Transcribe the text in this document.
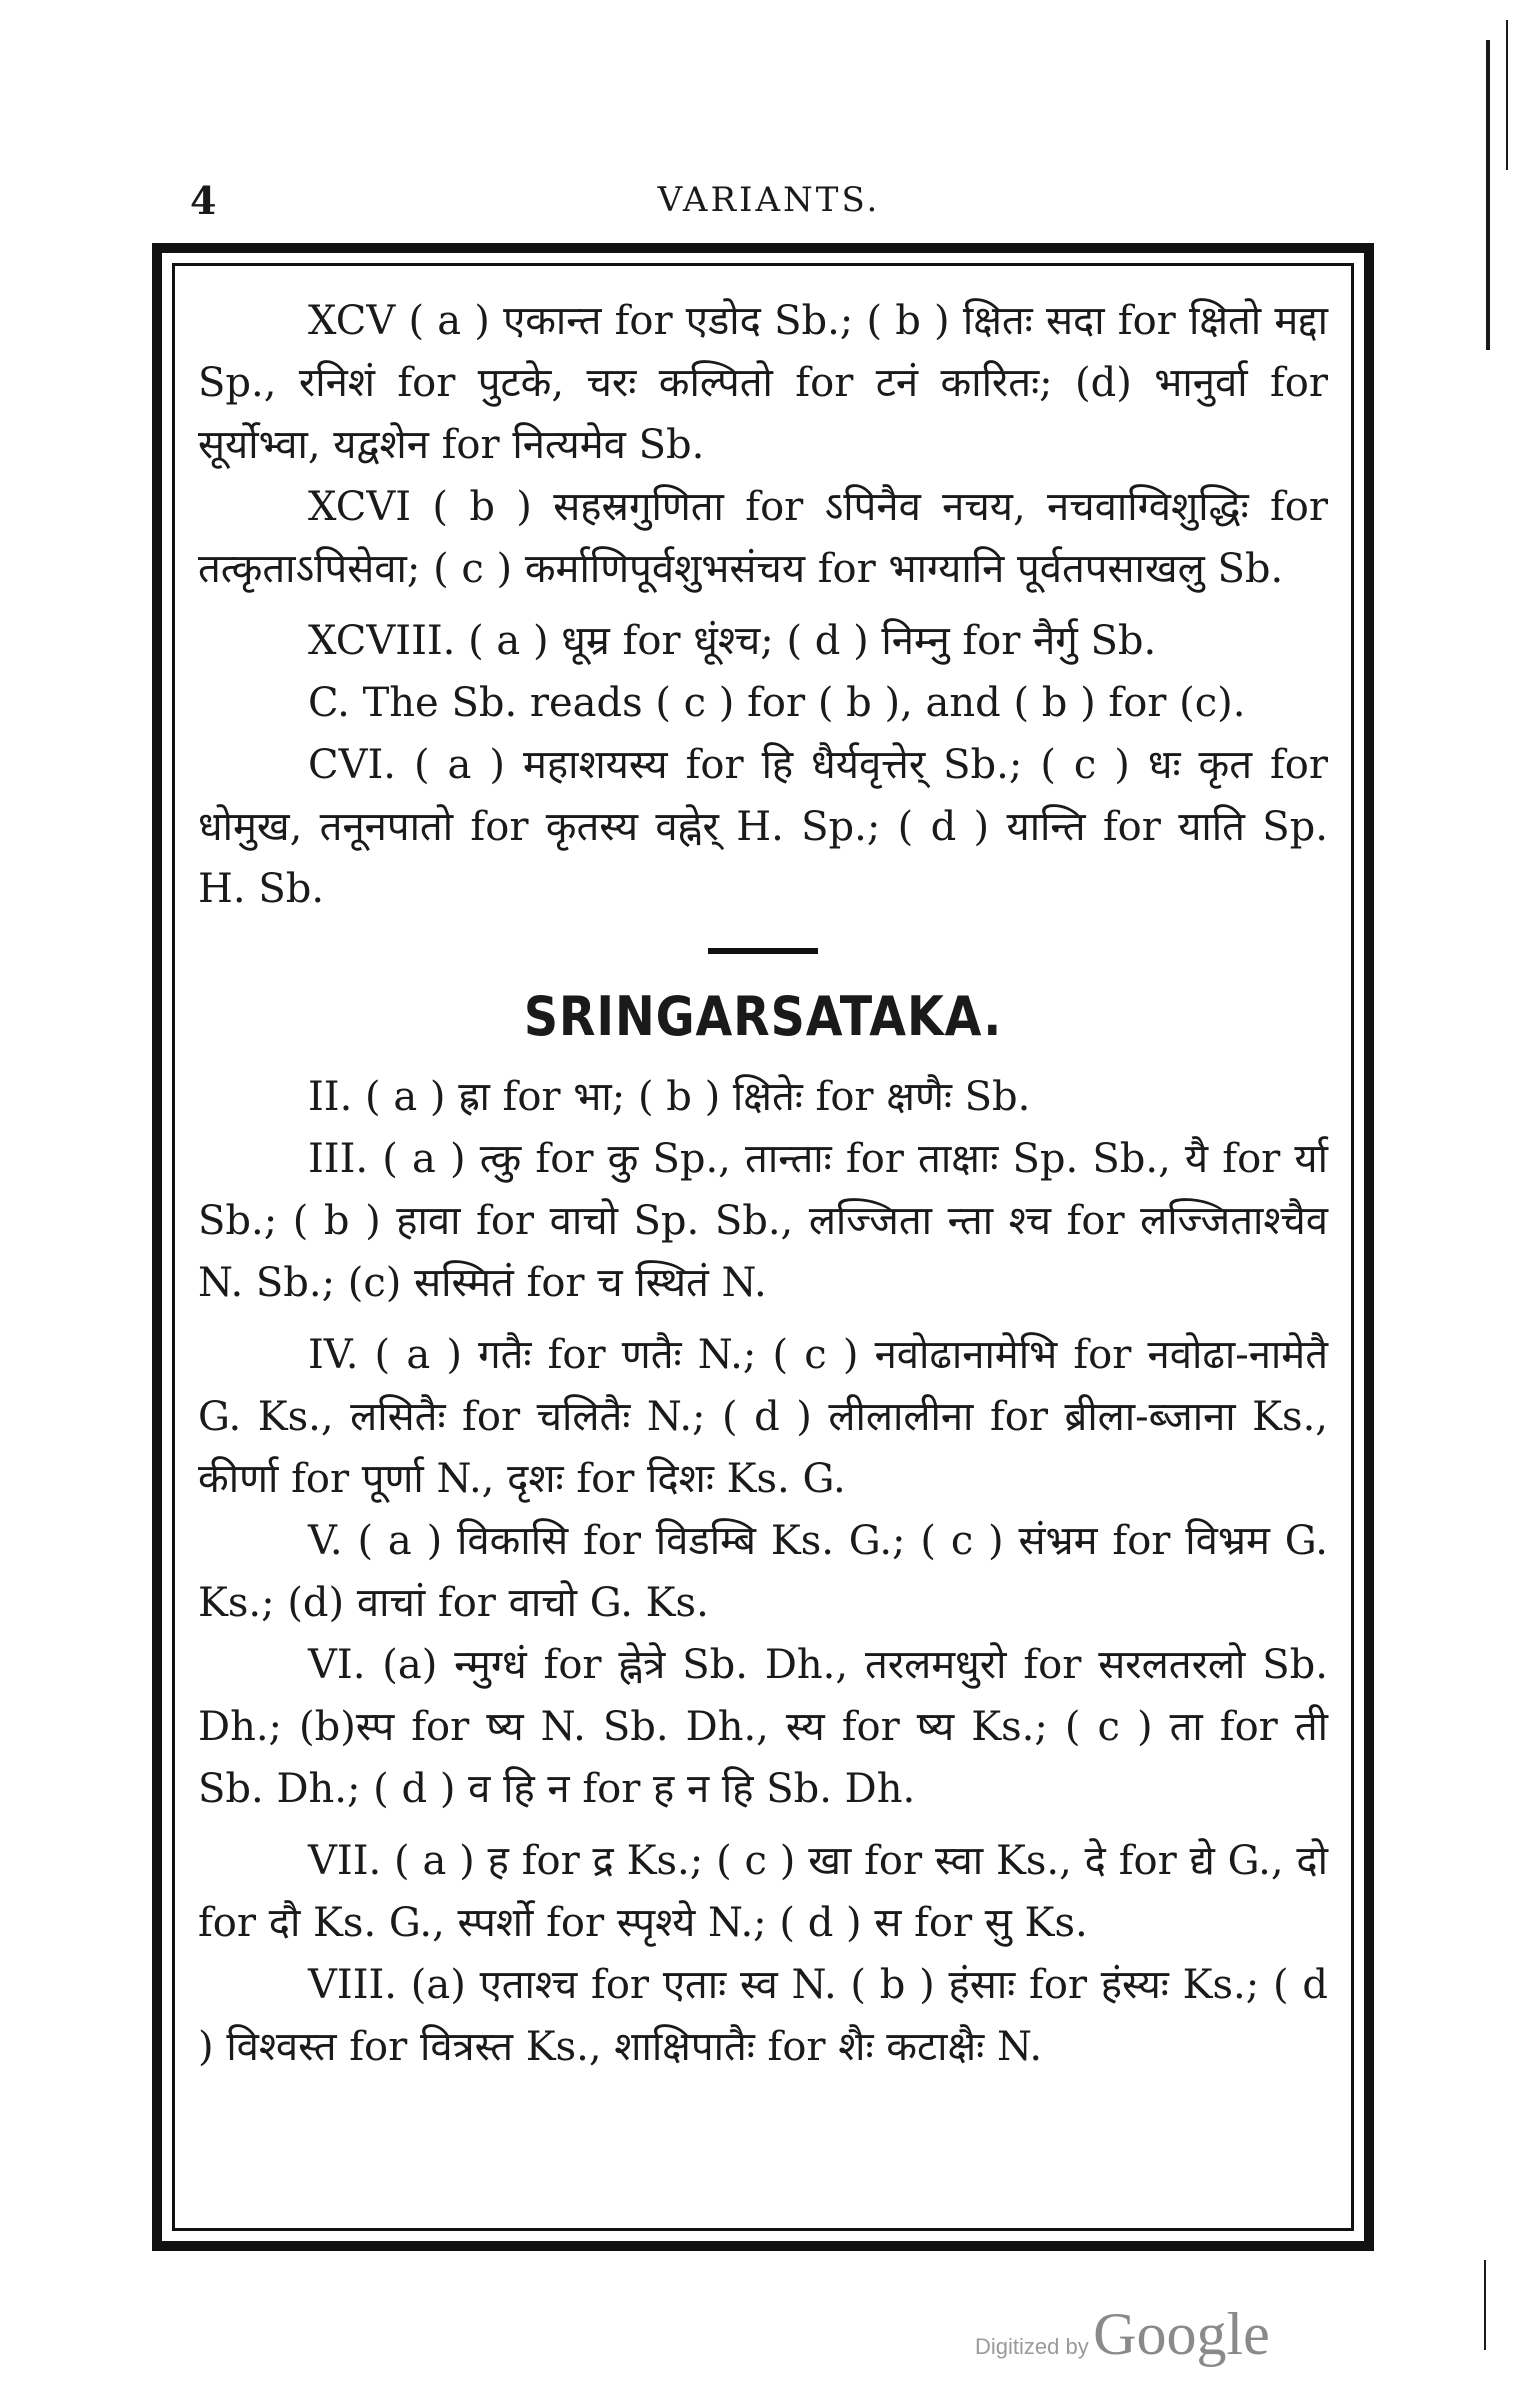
4	VARIANTS.

XCV ( a ) एकान्त for एडोद Sb.; ( b ) क्षितः सदा for क्षितो मद्दा Sp., रनिशं for पुटके, चरः कल्पितो for टनं कारितः; (d) भानुर्वा for सूर्योभ्वा, यद्वशेन for नित्यमेव Sb.

XCVI ( b ) सहस्रगुणिता for ऽपिनैव नचय, नचवाग्विशुद्धिः for तत्कृताऽपिसेवा; ( c ) कर्माणिपूर्वशुभसंचय for भाग्यानि पूर्वतपसाखलु Sb.

XCVIII. ( a ) धूम्र for धूंश्च; ( d ) निम्नु for नैर्गु Sb.

C. The Sb. reads ( c ) for ( b ), and ( b ) for (c).

CVI. ( a ) महाशयस्य for हि धैर्यवृत्तेर् Sb.; ( c ) धः कृत for धोमुख, तनूनपातो for कृतस्य वह्नेर् H. Sp.; ( d ) यान्ति for याति Sp. H. Sb.

SRINGARSATAKA.

II. ( a ) ह्रा for भा; ( b ) क्षितेः for क्षणैः Sb.

III. ( a ) त्कु for कु Sp., तान्ताः for ताक्षाः Sp. Sb., यै for र्या Sb.; ( b ) हावा for वाचो Sp. Sb., लज्जिता न्ता श्च for लज्जिताश्चैव N. Sb.; (c) सस्मितं for च स्थितं N.

IV. ( a ) गतैः for णतैः N.; ( c ) नवोढानामेभि for नवोढा-नामेतै G. Ks., लसितैः for चलितैः N.; ( d ) लीलालीना for ब्रीला-ब्जाना Ks., कीर्णा for पूर्णा N., दृशः for दिशः Ks. G.

V. ( a ) विकासि for विडम्बि Ks. G.; ( c ) संभ्रम for विभ्रम G. Ks.; (d) वाचां for वाचो G. Ks.

VI. (a) न्मुग्धं for ह्नेत्रे Sb. Dh., तरलमधुरो for सरलतरलो Sb. Dh.; (b)स्प for ष्य N. Sb. Dh., स्य for ष्य Ks.; ( c ) ता for ती Sb. Dh.; ( d ) व हि न for ह न हि Sb. Dh.

VII. ( a ) ह for द्र Ks.; ( c ) खा for स्वा Ks., दे for द्ये G., दो for दौ Ks. G., स्पर्शो for स्पृश्ये N.; ( d ) स for सु Ks.

VIII. (a) एताश्च for एताः स्व N. ( b ) हंसाः for हंस्यः Ks.; ( d ) विश्वस्त for वित्रस्त Ks., शाक्षिपातैः for शैः कटाक्षैः N.

Digitized by Google
